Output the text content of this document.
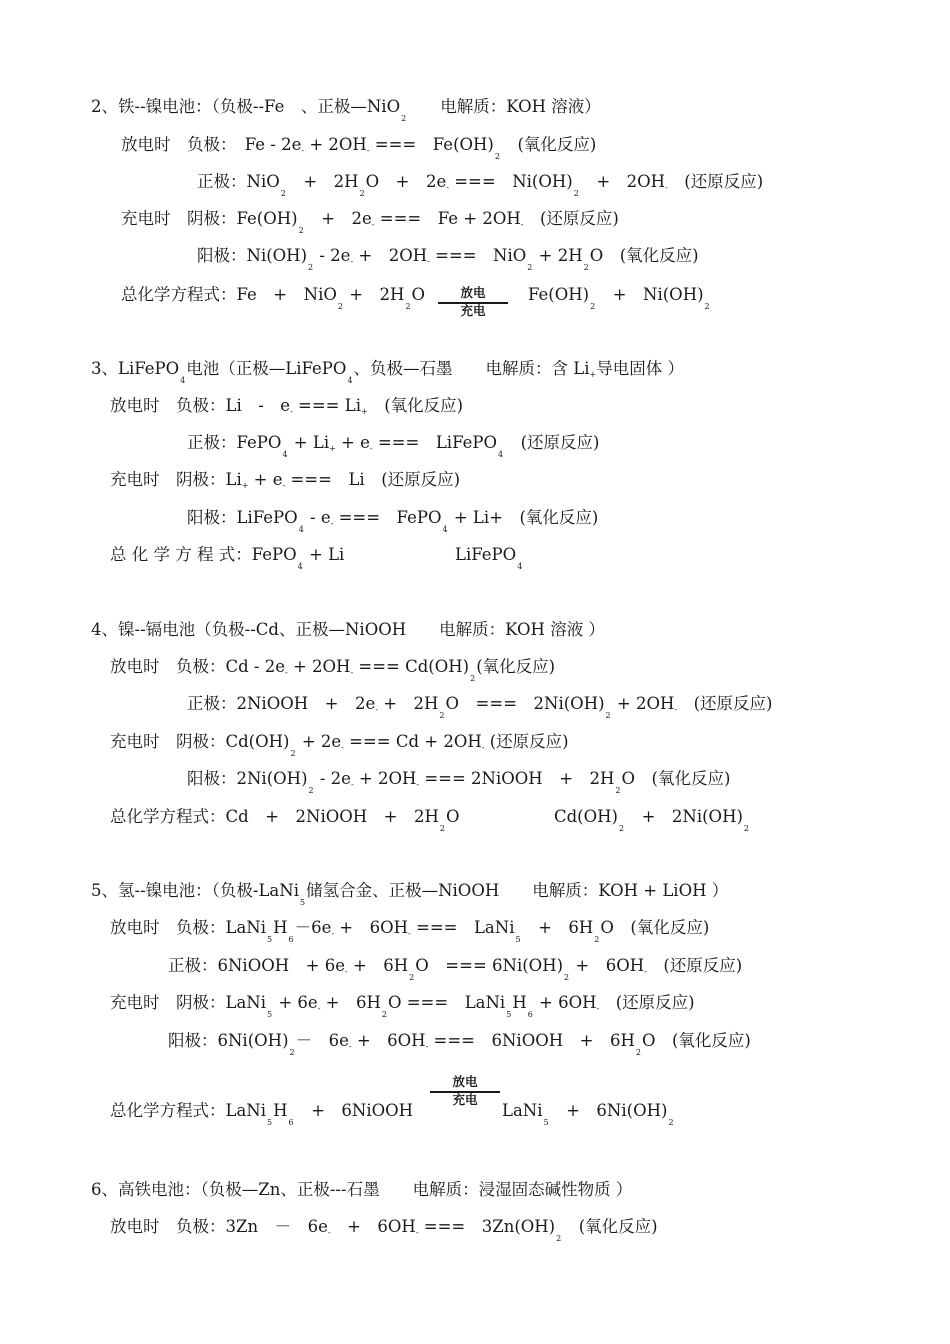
2、铁--镍电池：（负极--Fe　、正极—NiO$_2$　　电解质：KOH 溶液）
放电时　负极：　Fe - 2e- + 2OH- ===　$Fe(OH)_2$　(氧化反应)
正极：NiO$_2$　+　$2H_2O$　+　2e- ===　$Ni(OH)_2$　+　2OH-　(还原反应)
充电时　阴极：$Fe(OH)_2$　+　2e- ===　Fe + 2OH-　(还原反应)
阳极：$Ni(OH)_2 - 2e^-$ +　2OH- ===　$NiO_2 + 2H_2O$　(氧化反应)
总化学方程式：Fe　+　NiO$_2$ +　$2H_2O$	放电
充电
$Fe(OH)_2$　+　$Ni(OH)_2$
3、LiFePO$_4$电池（正极—LiFePO$_4$、负极—石墨　　电解质：含 Li+导电固体 ）
放电时　负极：Li　-　e- === Li+　(氧化反应)
正极：FePO$_4$ + Li+ + e- ===　LiFePO$_4$　(还原反应)
充电时　阴极：Li+ + e- ===　Li　(还原反应)
阳极：LiFePO$_4$ - e- ===　FePO$_4$ + Li+　(氧化反应)
总 化 学 方 程 式：FePO$_4$ + Li	LiFePO$_4$
4、镍--镉电池（负极--Cd、正极—NiOOH　　电解质：KOH 溶液 ）
放电时　负极：Cd - 2e- + 2OH- === $Cd(OH)_2$(氧化反应)
正极：2NiOOH　+　2e- +　$2H_2O$　===　$2Ni(OH)_2 + 2OH^-$　(还原反应)
充电时　阴极：$Cd(OH)_2 + 2e^-$ === Cd + 2OH- (还原反应)
阳极：$2Ni(OH)_2 - 2e^- + 2OH^-$ === 2NiOOH　+　$2H_2O$　(氧化反应)
总化学方程式：Cd　+　2NiOOH　+　$2H_2O$	$Cd(OH)_2$　+　$2Ni(OH)_2$
5、氢--镍电池：（负极-LaNi$_5$储氢合金、正极—NiOOH　　电解质：KOH + LiOH ）
放电时　负极：$LaNi_5H_6-6e^-$ +　6OH- ===　LaNi$_5$　+　$6H_2O$　(氧化反应)
正极：6NiOOH　+ 6e- +　$6H_2O$　=== $6Ni(OH)_2$ +　6OH-　(还原反应)
充电时　阴极：LaNi$_5$ + 6e- +　$6H_2O$ ===　$LaNi_5H_6 + 6OH^-$　(还原反应)
阳极：$6Ni(OH)_2-$　6e- +　6OH- ===　6NiOOH　+　$6H_2O$　(氧化反应)
放电
充电
总化学方程式：$LaNi_5H_6$　+　6NiOOH	LaNi$_5$　+　$6Ni(OH)_2$
6、高铁电池：（负极—Zn、正极---石墨　　电解质：浸湿固态碱性物质 ）
放电时　负极：3Zn　－　6e-　+　6OH- ===　$3Zn(OH)_2$　(氧化反应)
